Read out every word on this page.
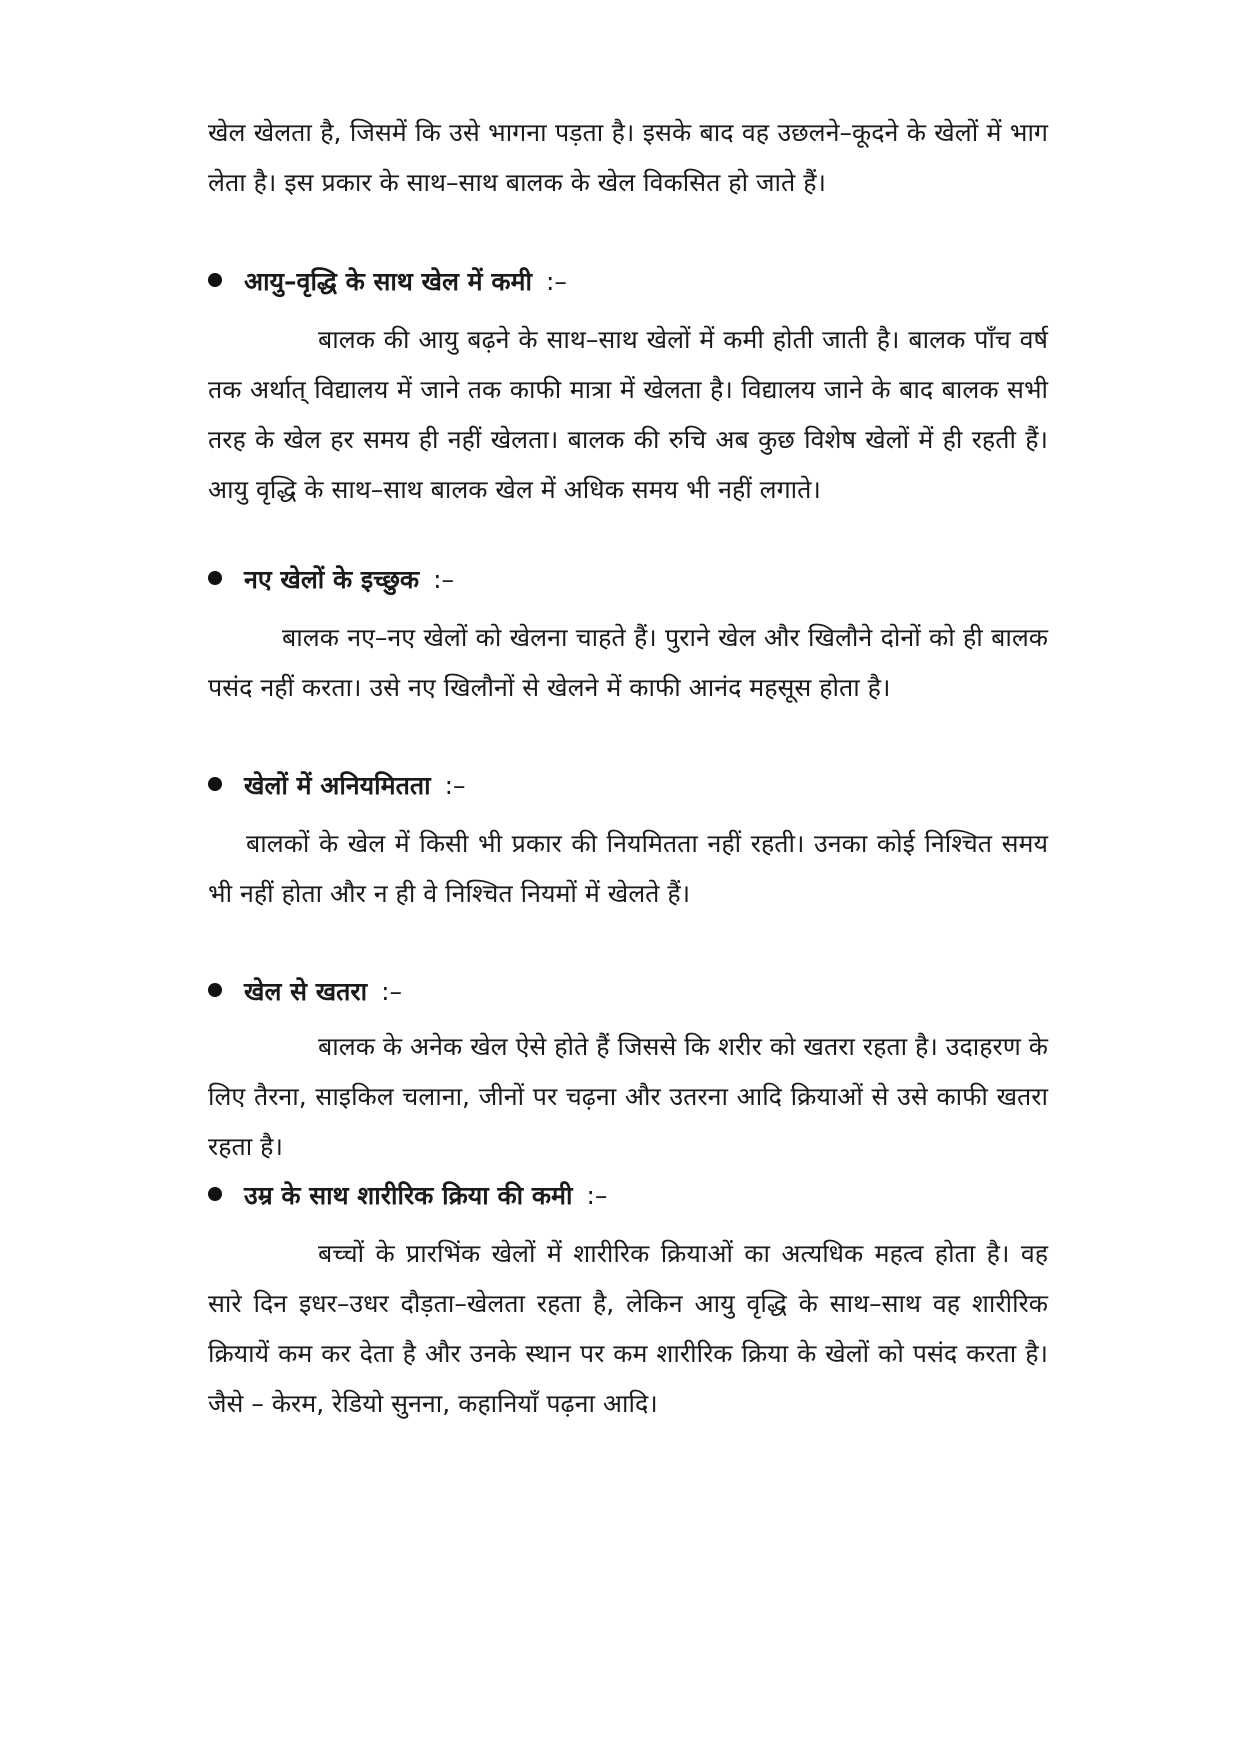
खेल खेलता है, जिसमें कि उसे भागना पड़ता है। इसके बाद वह उछलने–कूदने के खेलों में भाग लेता है। इस प्रकार के साथ–साथ बालक के खेल विकसित हो जाते हैं।

आयु–वृद्धि के साथ खेल में कमी :–

बालक की आयु बढ़ने के साथ–साथ खेलों में कमी होती जाती है। बालक पाँच वर्ष तक अर्थात् विद्यालय में जाने तक काफी मात्रा में खेलता है। विद्यालय जाने के बाद बालक सभी तरह के खेल हर समय ही नहीं खेलता। बालक की रुचि अब कुछ विशेष खेलों में ही रहती हैं। आयु वृद्धि के साथ–साथ बालक खेल में अधिक समय भी नहीं लगाते।

नए खेलों के इच्छुक :–

बालक नए–नए खेलों को खेलना चाहते हैं। पुराने खेल और खिलौने दोनों को ही बालक पसंद नहीं करता। उसे नए खिलौनों से खेलने में काफी आनंद महसूस होता है।

खेलों में अनियमितता :–

बालकों के खेल में किसी भी प्रकार की नियमितता नहीं रहती। उनका कोई निश्चित समय भी नहीं होता और न ही वे निश्चित नियमों में खेलते हैं।

खेल से खतरा :–

बालक के अनेक खेल ऐसे होते हैं जिससे कि शरीर को खतरा रहता है। उदाहरण के लिए तैरना, साइकिल चलाना, जीनों पर चढ़ना और उतरना आदि क्रियाओं से उसे काफी खतरा रहता है।

उम्र के साथ शारीरिक क्रिया की कमी :–

बच्चों के प्रारभिंक खेलों में शारीरिक क्रियाओं का अत्यधिक महत्व होता है। वह सारे दिन इधर–उधर दौड़ता–खेलता रहता है, लेकिन आयु वृद्धि के साथ–साथ वह शारीरिक क्रियायें कम कर देता है और उनके स्थान पर कम शारीरिक क्रिया के खेलों को पसंद करता है। जैसे – केरम, रेडियो सुनना, कहानियाँ पढ़ना आदि।
